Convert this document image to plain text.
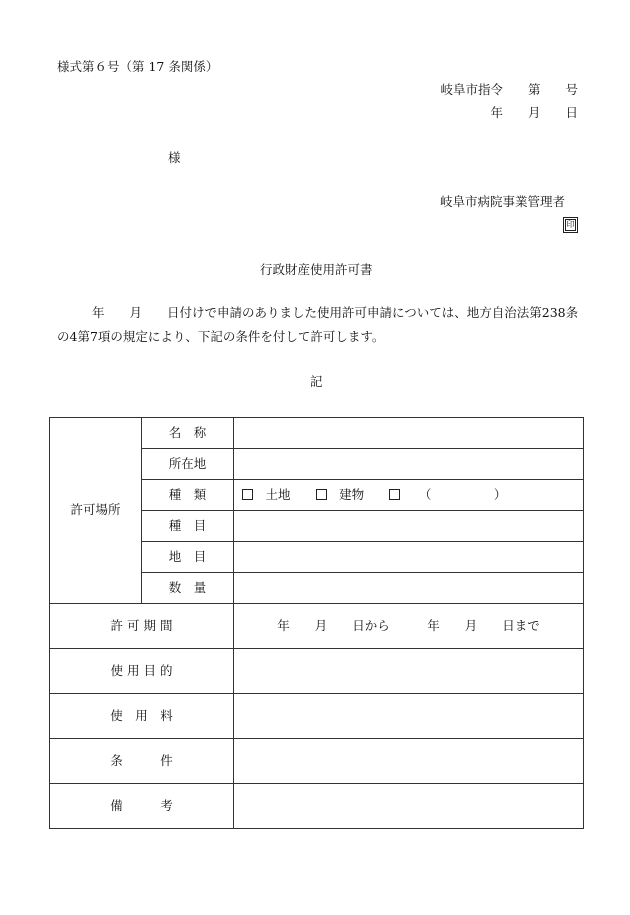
様式第６号（第 17 条関係）
岐阜市指令　　第　　号
年　　月　　日
様
岐阜市病院事業管理者
印
行政財産使用許可書
年　　月　　日付けで申請のありました使用許可申請については、地方自治法第238条
の4第7項の規定により、下記の条件を付して許可します。
記
許可場所	名　称	
	所在地	
	種　類	　土地　　　 建物　　　　 （　　　　　）
	種　目	
	地　目	
	数　量	
許 可 期 間		年　　月　　日から　　　年　　月　　日まで
使 用 目 的		
使　用　料		
条　　　件		
備　　　考		
